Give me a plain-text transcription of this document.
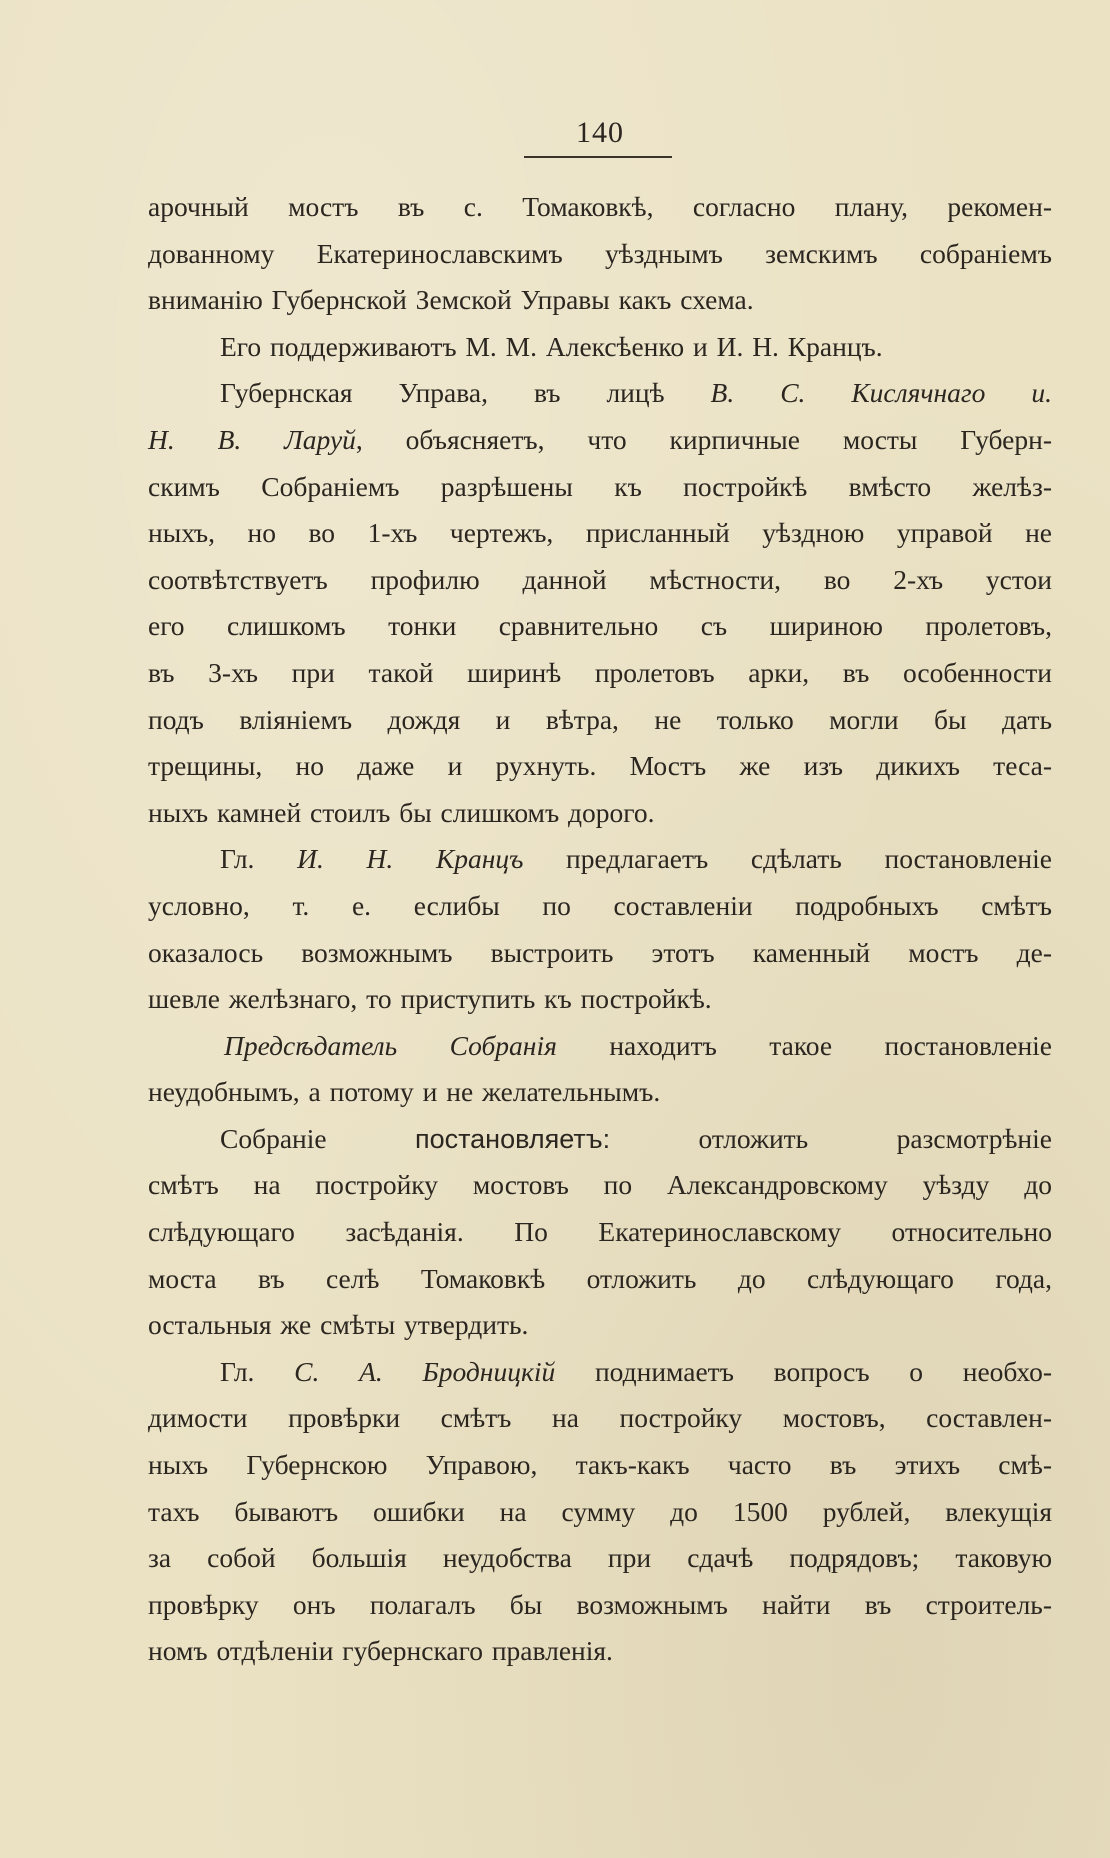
140
арочный мостъ въ с. Томаковкѣ, согласно плану, рекомен-
дованному Екатеринославскимъ уѣзднымъ земскимъ собраніемъ
вниманію Губернской Земской Управы какъ схема.
Его поддерживаютъ М. М. Алексѣенко и И. Н. Кранцъ.
Губернская Управа, въ лицѣ В. С. Кислячнаго и.
Н. В. Ларуй, объясняетъ, что кирпичные мосты Губерн-
скимъ Собраніемъ разрѣшены къ постройкѣ вмѣсто желѣз-
ныхъ, но во 1-хъ чертежъ, присланный уѣздною управой не
соотвѣтствуетъ профилю данной мѣстности, во 2-хъ устои
его слишкомъ тонки сравнительно съ шириною пролетовъ,
въ 3-хъ при такой ширинѣ пролетовъ арки, въ особенности
подъ вліяніемъ дождя и вѣтра, не только могли бы дать
трещины, но даже и рухнуть. Мостъ же изъ дикихъ теса-
ныхъ камней стоилъ бы слишкомъ дорого.
Гл. И. Н. Кранцъ предлагаетъ сдѣлать постановленіе
условно, т. е. еслибы по составленіи подробныхъ смѣтъ
оказалось возможнымъ выстроить этотъ каменный мостъ де-
шевле желѣзнаго, то приступить къ постройкѣ.
Предсѣдатель Собранія находитъ такое постановленіе
неудобнымъ, а потому и не желательнымъ.
Собраніе постановляетъ: отложить разсмотрѣніе
смѣтъ на постройку мостовъ по Александровскому уѣзду до
слѣдующаго засѣданія. По Екатеринославскому относительно
моста въ селѣ Томаковкѣ отложить до слѣдующаго года,
остальныя же смѣты утвердить.
Гл. С. А. Бродницкій поднимаетъ вопросъ о необхо-
димости провѣрки смѣтъ на постройку мостовъ, составлен-
ныхъ Губернскою Управою, такъ-какъ часто въ этихъ смѣ-
тахъ бываютъ ошибки на сумму до 1500 рублей, влекущія
за собой большія неудобства при сдачѣ подрядовъ; таковую
провѣрку онъ полагалъ бы возможнымъ найти въ строитель-
номъ отдѣленіи губернскаго правленія.
